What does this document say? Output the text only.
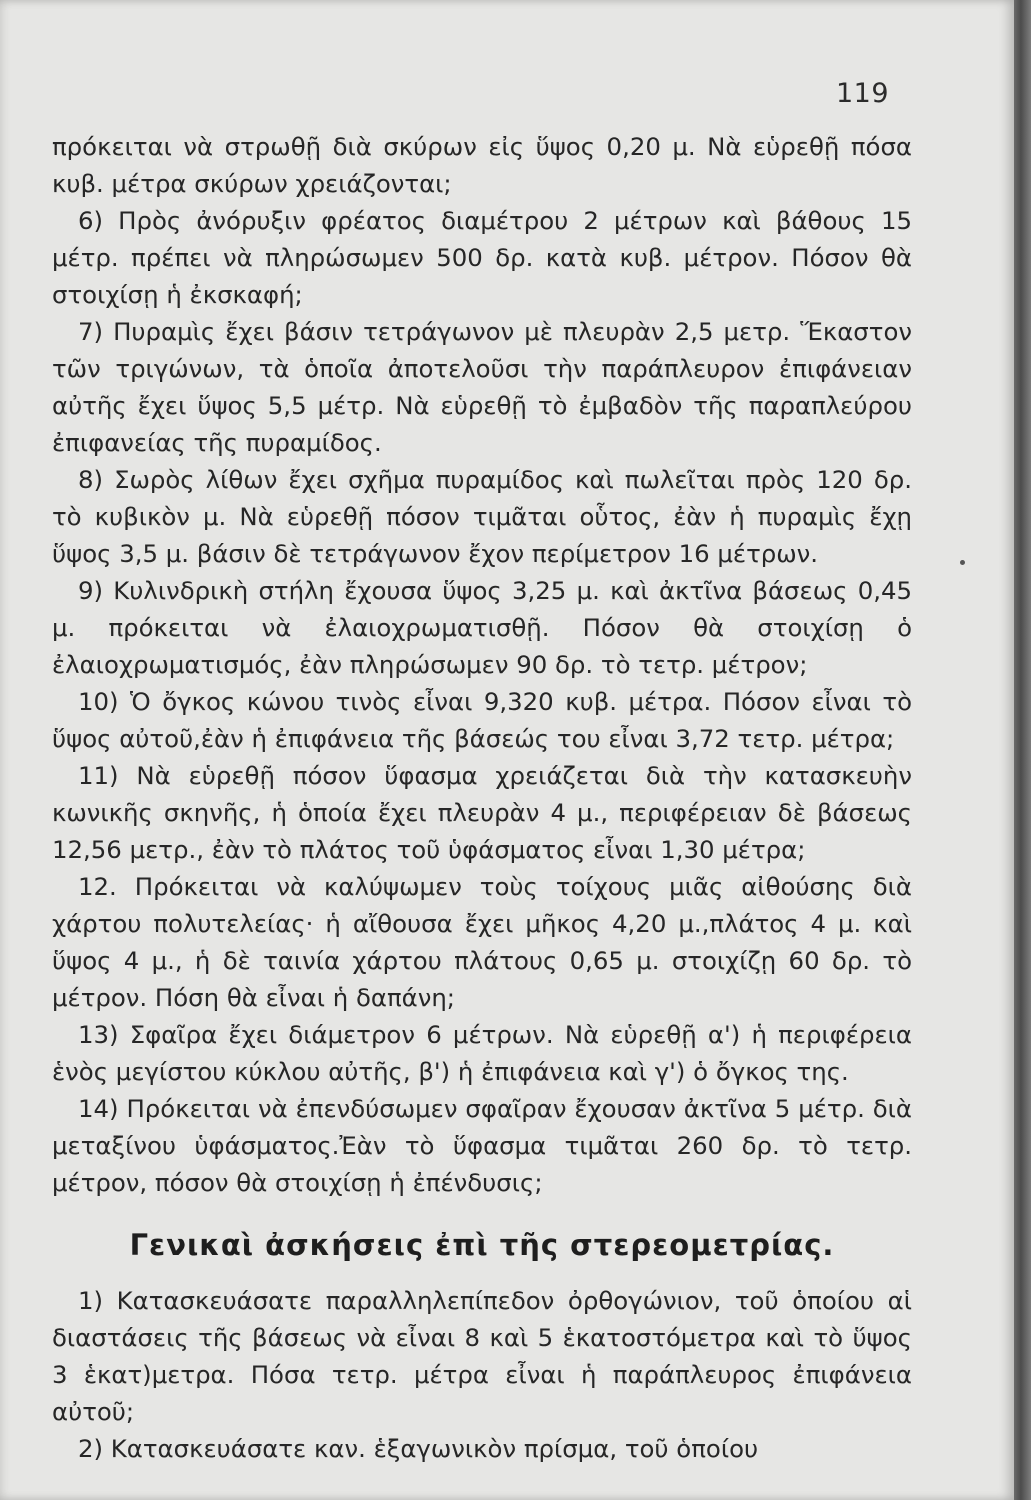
119

πρόκειται νὰ στρωθῇ διὰ σκύρων εἰς ὕψος 0,20 μ. Νὰ εὑρεθῇ πόσα κυβ. μέτρα σκύρων χρειάζονται;

6) Πρὸς ἀνόρυξιν φρέατος διαμέτρου 2 μέτρων καὶ βάθους 15 μέτρ. πρέπει νὰ πληρώσωμεν 500 δρ. κατὰ κυβ. μέτρον. Πόσον θὰ στοιχίσῃ ἡ ἐκσκαφή;

7) Πυραμὶς ἔχει βάσιν τετράγωνον μὲ πλευρὰν 2,5 μετρ. Ἕκαστον τῶν τριγώνων, τὰ ὁποῖα ἀποτελοῦσι τὴν παράπλευρον ἐπιφάνειαν αὐτῆς ἔχει ὕψος 5,5 μέτρ. Νὰ εὑρεθῇ τὸ ἐμβαδὸν τῆς παραπλεύρου ἐπιφανείας τῆς πυραμίδος.

8) Σωρὸς λίθων ἔχει σχῆμα πυραμίδος καὶ πωλεῖται πρὸς 120 δρ. τὸ κυβικὸν μ. Νὰ εὑρεθῇ πόσον τιμᾶται οὗτος, ἐὰν ἡ πυραμὶς ἔχῃ ὕψος 3,5 μ. βάσιν δὲ τετράγωνον ἔχον περίμετρον 16 μέτρων.

9) Κυλινδρικὴ στήλη ἔχουσα ὕψος 3,25 μ. καὶ ἀκτῖνα βάσεως 0,45 μ. πρόκειται νὰ ἐλαιοχρωματισθῇ. Πόσον θὰ στοιχίσῃ ὁ ἐλαιοχρωματισμός, ἐὰν πληρώσωμεν 90 δρ. τὸ τετρ. μέτρον;

10) Ὁ ὄγκος κώνου τινὸς εἶναι 9,320 κυβ. μέτρα. Πόσον εἶναι τὸ ὕψος αὐτοῦ,ἐὰν ἡ ἐπιφάνεια τῆς βάσεώς του εἶναι 3,72 τετρ. μέτρα;

11) Νὰ εὑρεθῇ πόσον ὕφασμα χρειάζεται διὰ τὴν κατασκευὴν κωνικῆς σκηνῆς, ἡ ὁποία ἔχει πλευρὰν 4 μ., περιφέρειαν δὲ βάσεως 12,56 μετρ., ἐὰν τὸ πλάτος τοῦ ὑφάσματος εἶναι 1,30 μέτρα;

12. Πρόκειται νὰ καλύψωμεν τοὺς τοίχους μιᾶς αἰθούσης διὰ χάρτου πολυτελείας· ἡ αἴθουσα ἔχει μῆκος 4,20 μ.,πλάτος 4 μ. καὶ ὕψος 4 μ., ἡ δὲ ταινία χάρτου πλάτους 0,65 μ. στοιχίζῃ 60 δρ. τὸ μέτρον. Πόση θὰ εἶναι ἡ δαπάνη;

13) Σφαῖρα ἔχει διάμετρον 6 μέτρων. Νὰ εὑρεθῇ α') ἡ περιφέρεια ἑνὸς μεγίστου κύκλου αὐτῆς, β') ἡ ἐπιφάνεια καὶ γ') ὁ ὄγκος της.

14) Πρόκειται νὰ ἐπενδύσωμεν σφαῖραν ἔχουσαν ἀκτῖνα 5 μέτρ. διὰ μεταξίνου ὑφάσματος.Ἐὰν τὸ ὕφασμα τιμᾶται 260 δρ. τὸ τετρ. μέτρον, πόσον θὰ στοιχίσῃ ἡ ἐπένδυσις;

Γενικαὶ ἀσκήσεις ἐπὶ τῆς στερεομετρίας.

1) Κατασκευάσατε παραλληλεπίπεδον ὀρθογώνιον, τοῦ ὁποίου αἱ διαστάσεις τῆς βάσεως νὰ εἶναι 8 καὶ 5 ἑκατοστόμετρα καὶ τὸ ὕψος 3 ἑκατ)μετρα. Πόσα τετρ. μέτρα εἶναι ἡ παράπλευρος ἐπιφάνεια αὐτοῦ;

2) Κατασκευάσατε καν. ἑξαγωνικὸν πρίσμα, τοῦ ὁποίου
